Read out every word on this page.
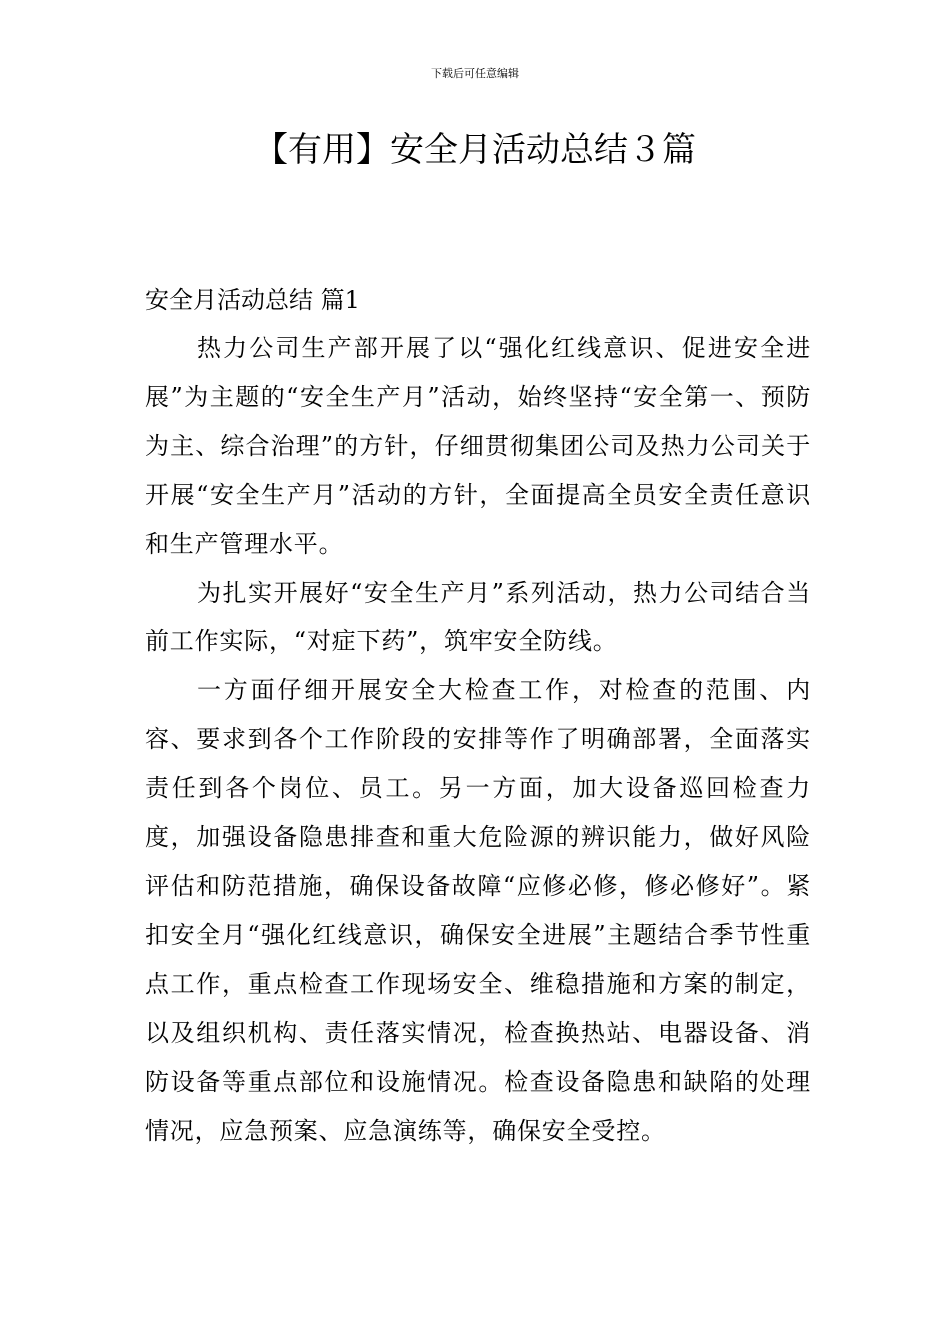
下载后可任意编辑
【有用】安全月活动总结３篇
安全月活动总结 篇1

热力公司生产部开展了以“强化红线意识、促进安全进展”为主题的“安全生产月”活动，始终坚持“安全第一、预防为主、综合治理”的方针，仔细贯彻集团公司及热力公司关于开展“安全生产月”活动的方针，全面提高全员安全责任意识和生产管理水平。

为扎实开展好“安全生产月”系列活动，热力公司结合当前工作实际，“对症下药”，筑牢安全防线。

一方面仔细开展安全大检查工作，对检查的范围、内容、要求到各个工作阶段的安排等作了明确部署，全面落实责任到各个岗位、员工。另一方面，加大设备巡回检查力度，加强设备隐患排查和重大危险源的辨识能力，做好风险评估和防范措施，确保设备故障“应修必修，修必修好”。紧扣安全月“强化红线意识，确保安全进展”主题结合季节性重点工作，重点检查工作现场安全、维稳措施和方案的制定，以及组织机构、责任落实情况，检查换热站、电器设备、消防设备等重点部位和设施情况。检查设备隐患和缺陷的处理情况，应急预案、应急演练等，确保安全受控。
